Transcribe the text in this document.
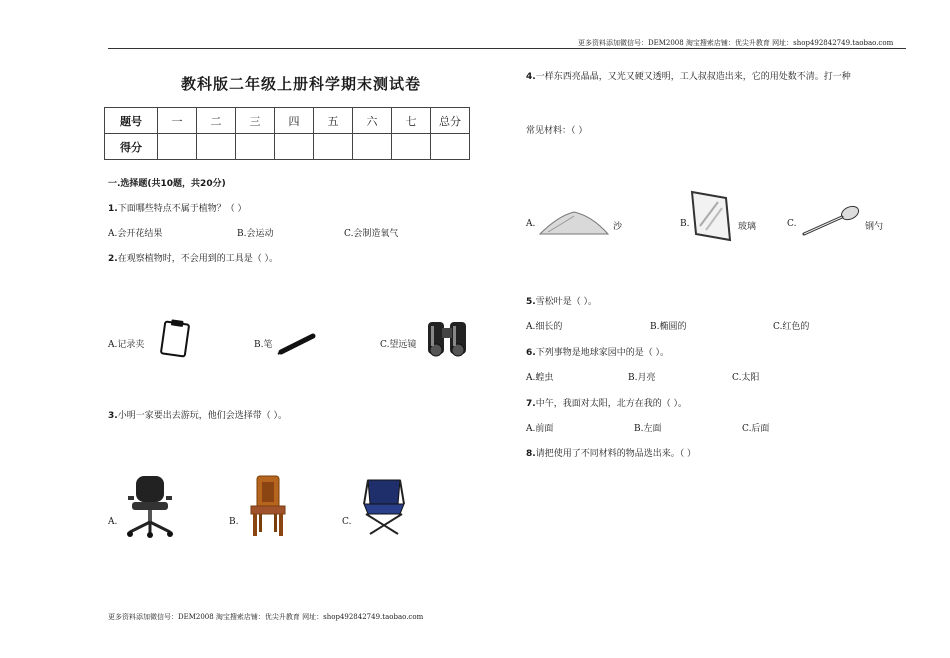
更多资料添加微信号：DEM2008 淘宝搜索店铺：优尖升教育 网址：shop492842749.taobao.com
教科版二年级上册科学期末测试卷
题号	一	二	三	四	五	六	七	总分
得分								
一.选择题(共10题，共20分)
1.下面哪些特点不属于植物？（ ）
A.会开花结果	B.会运动	C.会制造氧气
2.在观察植物时，不会用到的工具是（ ）。
A.记录夹	B.笔	C.望远镜
3.小明一家要出去游玩，他们会选择带（ ）。
A.	B.	C.
4.一样东西亮晶晶，又光又硬又透明，工人叔叔造出来，它的用处数不清。打一种
常见材料：（ ）
A.	沙	B.	玻璃	C.	钢勺
5.雪松叶是（ ）。
A.细长的	B.椭圆的	C.红色的
6.下列事物是地球家园中的是（ ）。
A.蝗虫	B.月亮	C.太阳
7.中午，我面对太阳，北方在我的（ ）。
A.前面	B.左面	C.后面
8.请把使用了不同材料的物品选出来。（ ）
更多资料添加微信号：DEM2008 淘宝搜索店铺：优尖升教育 网址：shop492842749.taobao.com
